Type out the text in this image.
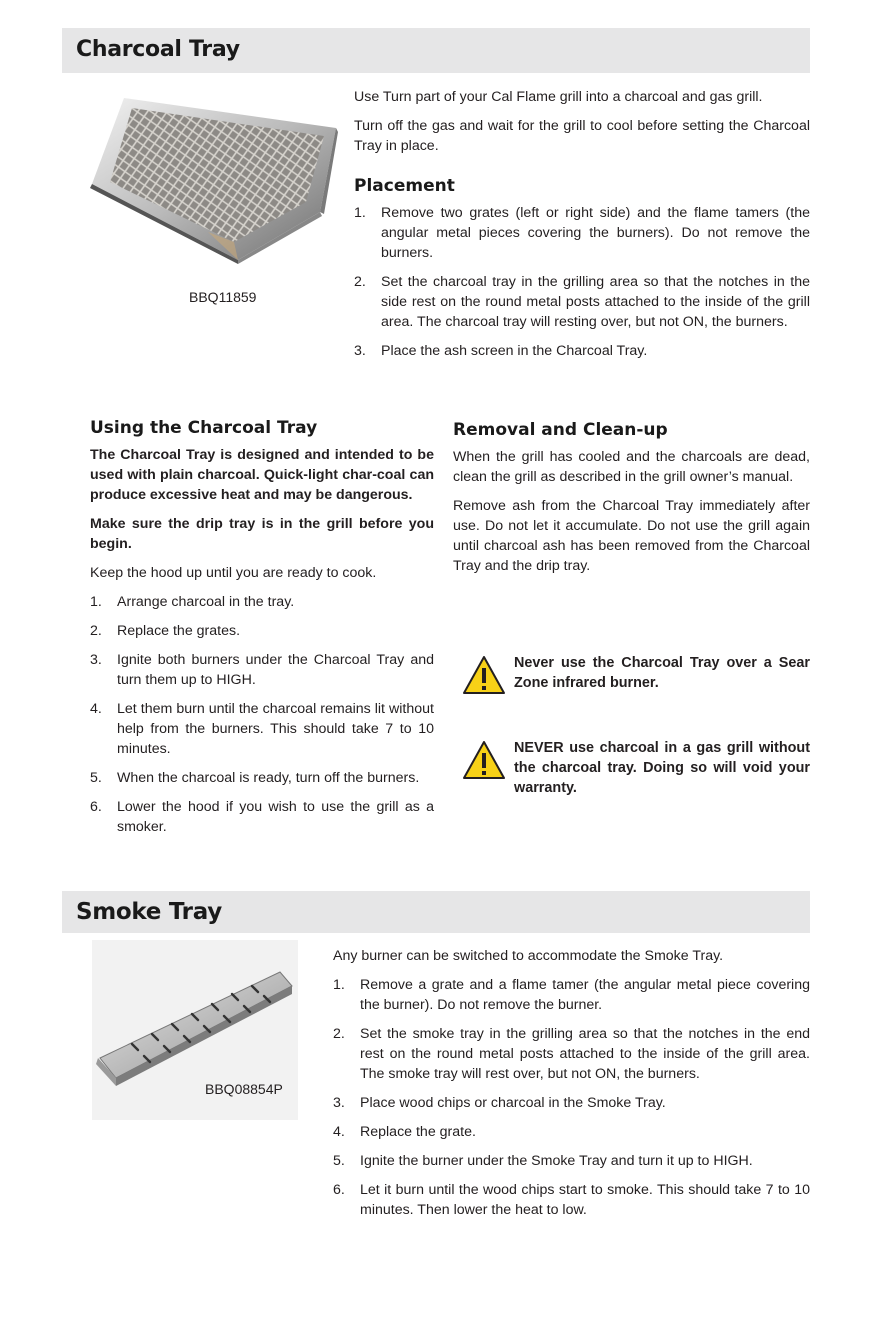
Charcoal Tray
BBQ11859

Use Turn part of your Cal Flame grill into a charcoal and gas grill.

Turn off the gas and wait for the grill to cool before setting the Charcoal Tray in place.

Placement
1. Remove two grates (left or right side) and the flame tamers (the angular metal pieces covering the burners). Do not remove the burners.
2. Set the charcoal tray in the grilling area so that the notches in the side rest on the round metal posts attached to the inside of the grill area. The charcoal tray will resting over, but not ON, the burners.
3. Place the ash screen in the Charcoal Tray.
Using the Charcoal Tray

The Charcoal Tray is designed and intended to be used with plain charcoal. Quick-light char-coal can produce excessive heat and may be dangerous.

Make sure the drip tray is in the grill before you begin.

Keep the hood up until you are ready to cook.

1. Arrange charcoal in the tray.
2. Replace the grates.
3. Ignite both burners under the Charcoal Tray and turn them up to HIGH.
4. Let them burn until the charcoal remains lit without help from the burners. This should take 7 to 10 minutes.
5. When the charcoal is ready, turn off the burners.
6. Lower the hood if you wish to use the grill as a smoker.
Removal and Clean-up

When the grill has cooled and the charcoals are dead, clean the grill as described in the grill owner’s manual.

Remove ash from the Charcoal Tray immediately after use. Do not let it accumulate. Do not use the grill again until charcoal ash has been removed from the Charcoal Tray and the drip tray.

Never use the Charcoal Tray over a Sear Zone infrared burner.
NEVER use charcoal in a gas grill without the charcoal tray. Doing so will void your warranty.
Smoke Tray
BBQ08854P

Any burner can be switched to accommodate the Smoke Tray.

1. Remove a grate and a flame tamer (the angular metal piece covering the burner). Do not remove the burner.
2. Set the smoke tray in the grilling area so that the notches in the end rest on the round metal posts attached to the inside of the grill area. The smoke tray will rest over, but not ON, the burners.
3. Place wood chips or charcoal in the Smoke Tray.
4. Replace the grate.
5. Ignite the burner under the Smoke Tray and turn it up to HIGH.
6. Let it burn until the wood chips start to smoke. This should take 7 to 10 minutes. Then lower the heat to low.
